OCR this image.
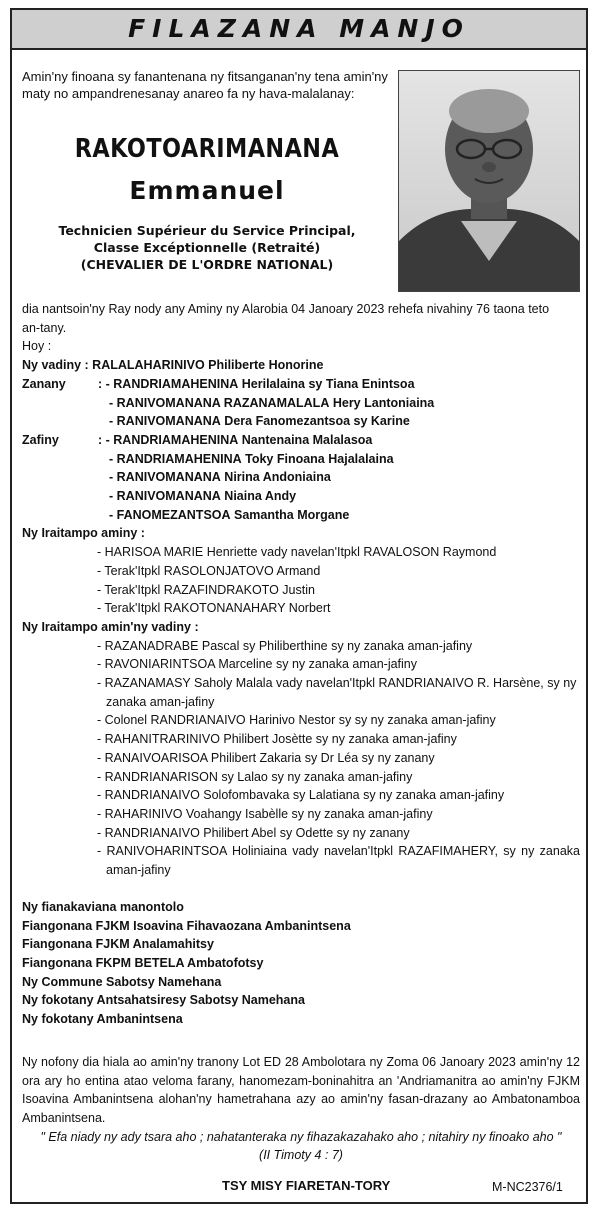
FILAZANA MANJO
Amin'ny finoana sy fanantenana ny fitsanganan'ny tena amin'ny maty no ampandrenesanay anareo fa ny hava-malalanay:
RAKOTOARIMANANA
Emmanuel
Technicien Supérieur du Service Principal,
Classe Excéptionnelle (Retraité)
(CHEVALIER DE L'ORDRE NATIONAL)
dia nantsoin'ny Ray nody any Aminy ny Alarobia 04 Janoary 2023 rehefa nivahiny 76 taona teto an-tany.
Hoy :
Ny vadiny : RALALAHARINIVO Philiberte Honorine
Zanany	: - RANDRIAMAHENINA Herilalaina sy Tiana Enintsoa
- RANIVOMANANA RAZANAMALALA Hery Lantoniaina
- RANIVOMANANA Dera Fanomezantsoa sy Karine
Zafiny	: - RANDRIAMAHENINA Nantenaina Malalasoa
- RANDRIAMAHENINA Toky Finoana Hajalalaina
- RANIVOMANANA Nirina Andoniaina
- RANIVOMANANA Niaina Andy
- FANOMEZANTSOA Samantha Morgane
Ny Iraitampo aminy :
- HARISOA MARIE Henriette vady navelan'Itpkl RAVALOSON Raymond
- Terak'Itpkl RASOLONJATOVO Armand
- Terak'Itpkl RAZAFINDRAKOTO Justin
- Terak'Itpkl RAKOTONANAHARY Norbert
Ny Iraitampo amin'ny vadiny :
- RAZANADRABE Pascal sy Philiberthine sy ny zanaka aman-jafiny
- RAVONIARINTSOA Marceline sy ny zanaka aman-jafiny
- RAZANAMASY Saholy Malala vady navelan'Itpkl RANDRIANAIVO R. Harsène, sy ny zanaka aman-jafiny
- Colonel RANDRIANAIVO Harinivo Nestor sy sy ny zanaka aman-jafiny
- RAHANITRARINIVO Philibert Josètte sy ny zanaka aman-jafiny
- RANAIVOARISOA Philibert Zakaria sy Dr Léa sy ny zanany
- RANDRIANARISON sy Lalao sy ny zanaka aman-jafiny
- RANDRIANAIVO Solofombavaka sy Lalatiana sy ny zanaka aman-jafiny
- RAHARINIVO Voahangy Isabèlle sy ny zanaka aman-jafiny
- RANDRIANAIVO Philibert Abel sy Odette sy ny zanany
- RANIVOHARINTSOA Holiniaina vady navelan'Itpkl RAZAFIMAHERY, sy ny zanaka aman-jafiny
Ny fianakaviana manontolo
Fiangonana FJKM Isoavina Fihavaozana Ambanintsena
Fiangonana FJKM Analamahitsy
Fiangonana FKPM BETELA Ambatofotsy
Ny Commune Sabotsy Namehana
Ny fokotany Antsahatsiresy Sabotsy Namehana
Ny fokotany Ambanintsena
Ny nofony dia hiala ao amin'ny tranony Lot ED 28 Ambolotara ny Zoma 06 Janoary 2023 amin'ny 12 ora ary ho entina atao veloma farany, hanomezam-boninahitra an 'Andriamanitra ao amin'ny FJKM Isoavina Ambanintsena alohan'ny hametrahana azy ao amin'ny fasan-drazany ao Ambatonamboa Ambanintsena.
" Efa niady ny ady tsara aho ; nahatanteraka ny fihazakazahako aho ; nitahiry ny finoako aho "
(II Timoty 4 : 7)
TSY MISY FIARETAN-TORY	M-NC2376/1
